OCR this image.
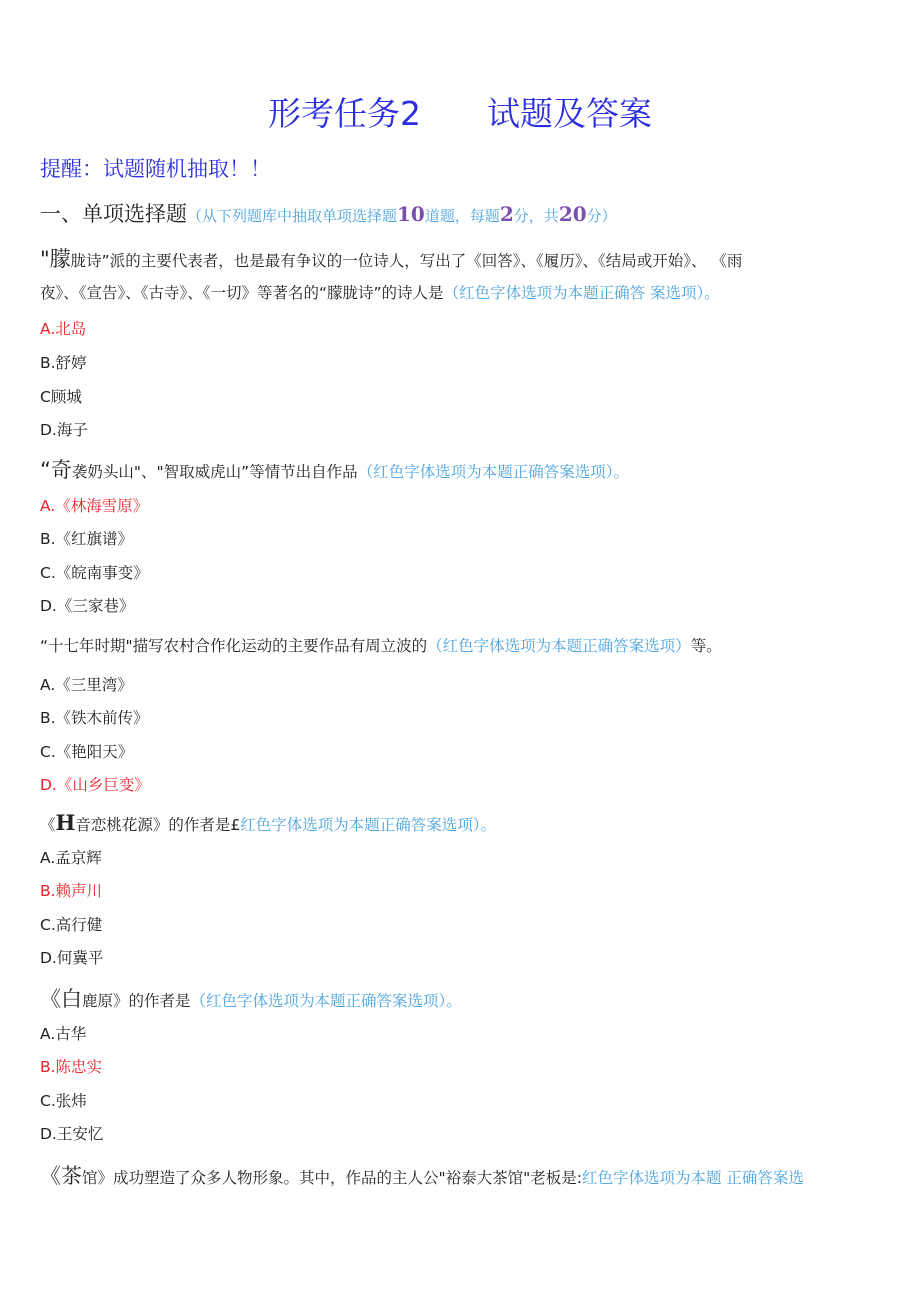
形考任务2 试题及答案
提醒：试题随机抽取！！
一、单项选择题（从下列题库中抽取单项选择题10道题，每题2分，共20分）
"朦胧诗”派的主要代表者，也是最有争议的一位诗人，写出了《回答》、《履历》、《结局或开始》、 《雨
夜》、《宣告》、《古寺》、《一切》等著名的“朦胧诗”的诗人是（红色字体选项为本题正确答 案选项）。
A.北岛
B.舒婷
C顾城
D.海子
“奇袭奶头山"、"智取威虎山”等情节出自作品（红色字体选项为本题正确答案选项）。
A.《林海雪原》
B.《红旗谱》
C.《皖南事变》
D.《三家巷》
“十七年时期"描写农村合作化运动的主要作品有周立波的（红色字体选项为本题正确答案选项）等。
A.《三里湾》
B.《铁木前传》
C.《艳阳天》
D.《山乡巨变》
《H音恋桃花源》的作者是£红色字体选项为本题正确答案选项）。
A.孟京辉
B.赖声川
C.高行健
D.何冀平
《白鹿原》的作者是（红色字体选项为本题正确答案选项）。
A.古华
B.陈忠实
C.张炜
D.王安忆
《茶馆》成功塑造了众多人物形象。其中，作品的主人公"裕泰大茶馆"老板是:红色字体选项为本题 正确答案选
